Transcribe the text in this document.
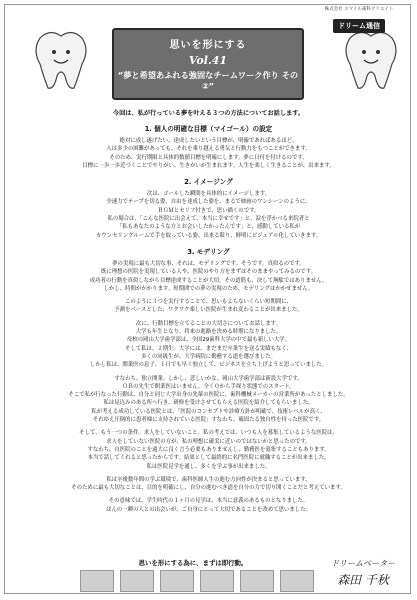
思いを形にする
Vol.41
“夢と希望あふれる強固なチームワーク作り その②”
株式会社 スマイル歯科クリエイト
ドリーム通信
今回は、私が行っている夢を叶える３つの方法についてお話します。
1. 個人の明確な目標（マイゴール）の設定
絶対に成し遂げたい、達成したいという目標が、明確であればあるほど、
人は多少の困難があっても、それを乗り越える勇気と行動力をもつことができます。
そのため、実行期限と具体的数値目標を明確にします。夢に日付を付けるのです。
目標に一歩一歩近づくことでやりがい、生きがいが生まれます。人生を楽しく生きることが、出来ます。
2. イメージング
次は、ゴールした瞬間を具体的にイメージします。
全速力でテープを切る姿、自由を達成した姿を、まるで映画のワンシーンのように、
ＢＧＭとセリフ付きで、思い描くのです。
私の場合は、「こんな医院に出会えて、本当に幸せです」と、涙を浮かべる来院者と
「私もあなたのような方とお会いしたかったんです」と、感動している私が
カウンセリングルームで手を取っている姿、出来る限り、鮮明にビジュアル化していきます。
3. モデリング
夢の実現に最も大切な事、それは、モデリングです。そうです。真似るのです。
既に理想の医院を実現している人や、医院のやり方をまずはそのままやってみるのです。
成功者の行動を真似しながら目標達成することが大切。その道筋も、決して無駄ではありません。
しかし、時間がかかります。短期間での夢の実現のため、モデリングはかかせません。
このように３つを実行することで、思いもよらないくらい短期間に、
予測をベースとした、ワクワク楽しい医院が生まれ変わることが出来ました。
次に、行動目標を立てることの大切さについてお話します。
大学６年生となり、将来の進路を決める時期になりました。
母校の岡山大学歯学部は、全国29歯科大学の中で最も新しい大学。
そして私は、２期生。大学には、まだまだ卒業生を送る実績もなく、
多くの同級生が、大学病院に勤務する道を選びました。
しかし私は、開業医の息子。１日でも早く独立して、ビジネスを立ち上げようと思っていました。
すなわち、独立開業。しかし、悲しいかな、岡山大学歯学部は新設大学です。
ＯＢの先生で開業医はいません。全く０から手探り状態でのスタート。
そこで私が行なった行動は、自分と同じ大学出身の先輩の医院に、歯科機械メーカーの営業所があったとしました。
私は見込みのある所へ行き、研修を受けさせてもらえる医院を紹介してもらいました。
私が考える成功している医院とは、「医院のコンセプトや診療方針が明確で、技術レベルが高く、
それゆえ圧倒的に患者様に支持されている医院」すなわち、確固たる独自性を持った医院です。
そして、もう一つの条件。求人をしていないこと。私の考えでは、いつも人を募集しているような医院は、
求人をしていない医院の方が、私の理想に確実に近いのではないかと思ったのです。
すなわち、自医院のことを遠大に良く言う必要もありませんし、勤務医を募集することもあります。
本当で話してくれると思ったからです。結果として最終的に名門医院に就職することが出来ました。
私は医院見学を通し、多くを学ぶ事が出来ました。
私は卒後数年間の学ぶ環境で、歯科医師人生の進む方向性が決まると思っています。
そのために最も大切なことは、目的を明確にし、自分の進むべき道を自分の力で切り開くことだと考えています。
その意味では、学生時代の１ヶ月の見学は、本当に意義のあるものとなりました。
ほんの一瞬の人との出会いが、ご自身にとって大切であることを改めて思いました。
思いを形にする為に、まずは即行動。	ドリームベーター
森田 千秋
